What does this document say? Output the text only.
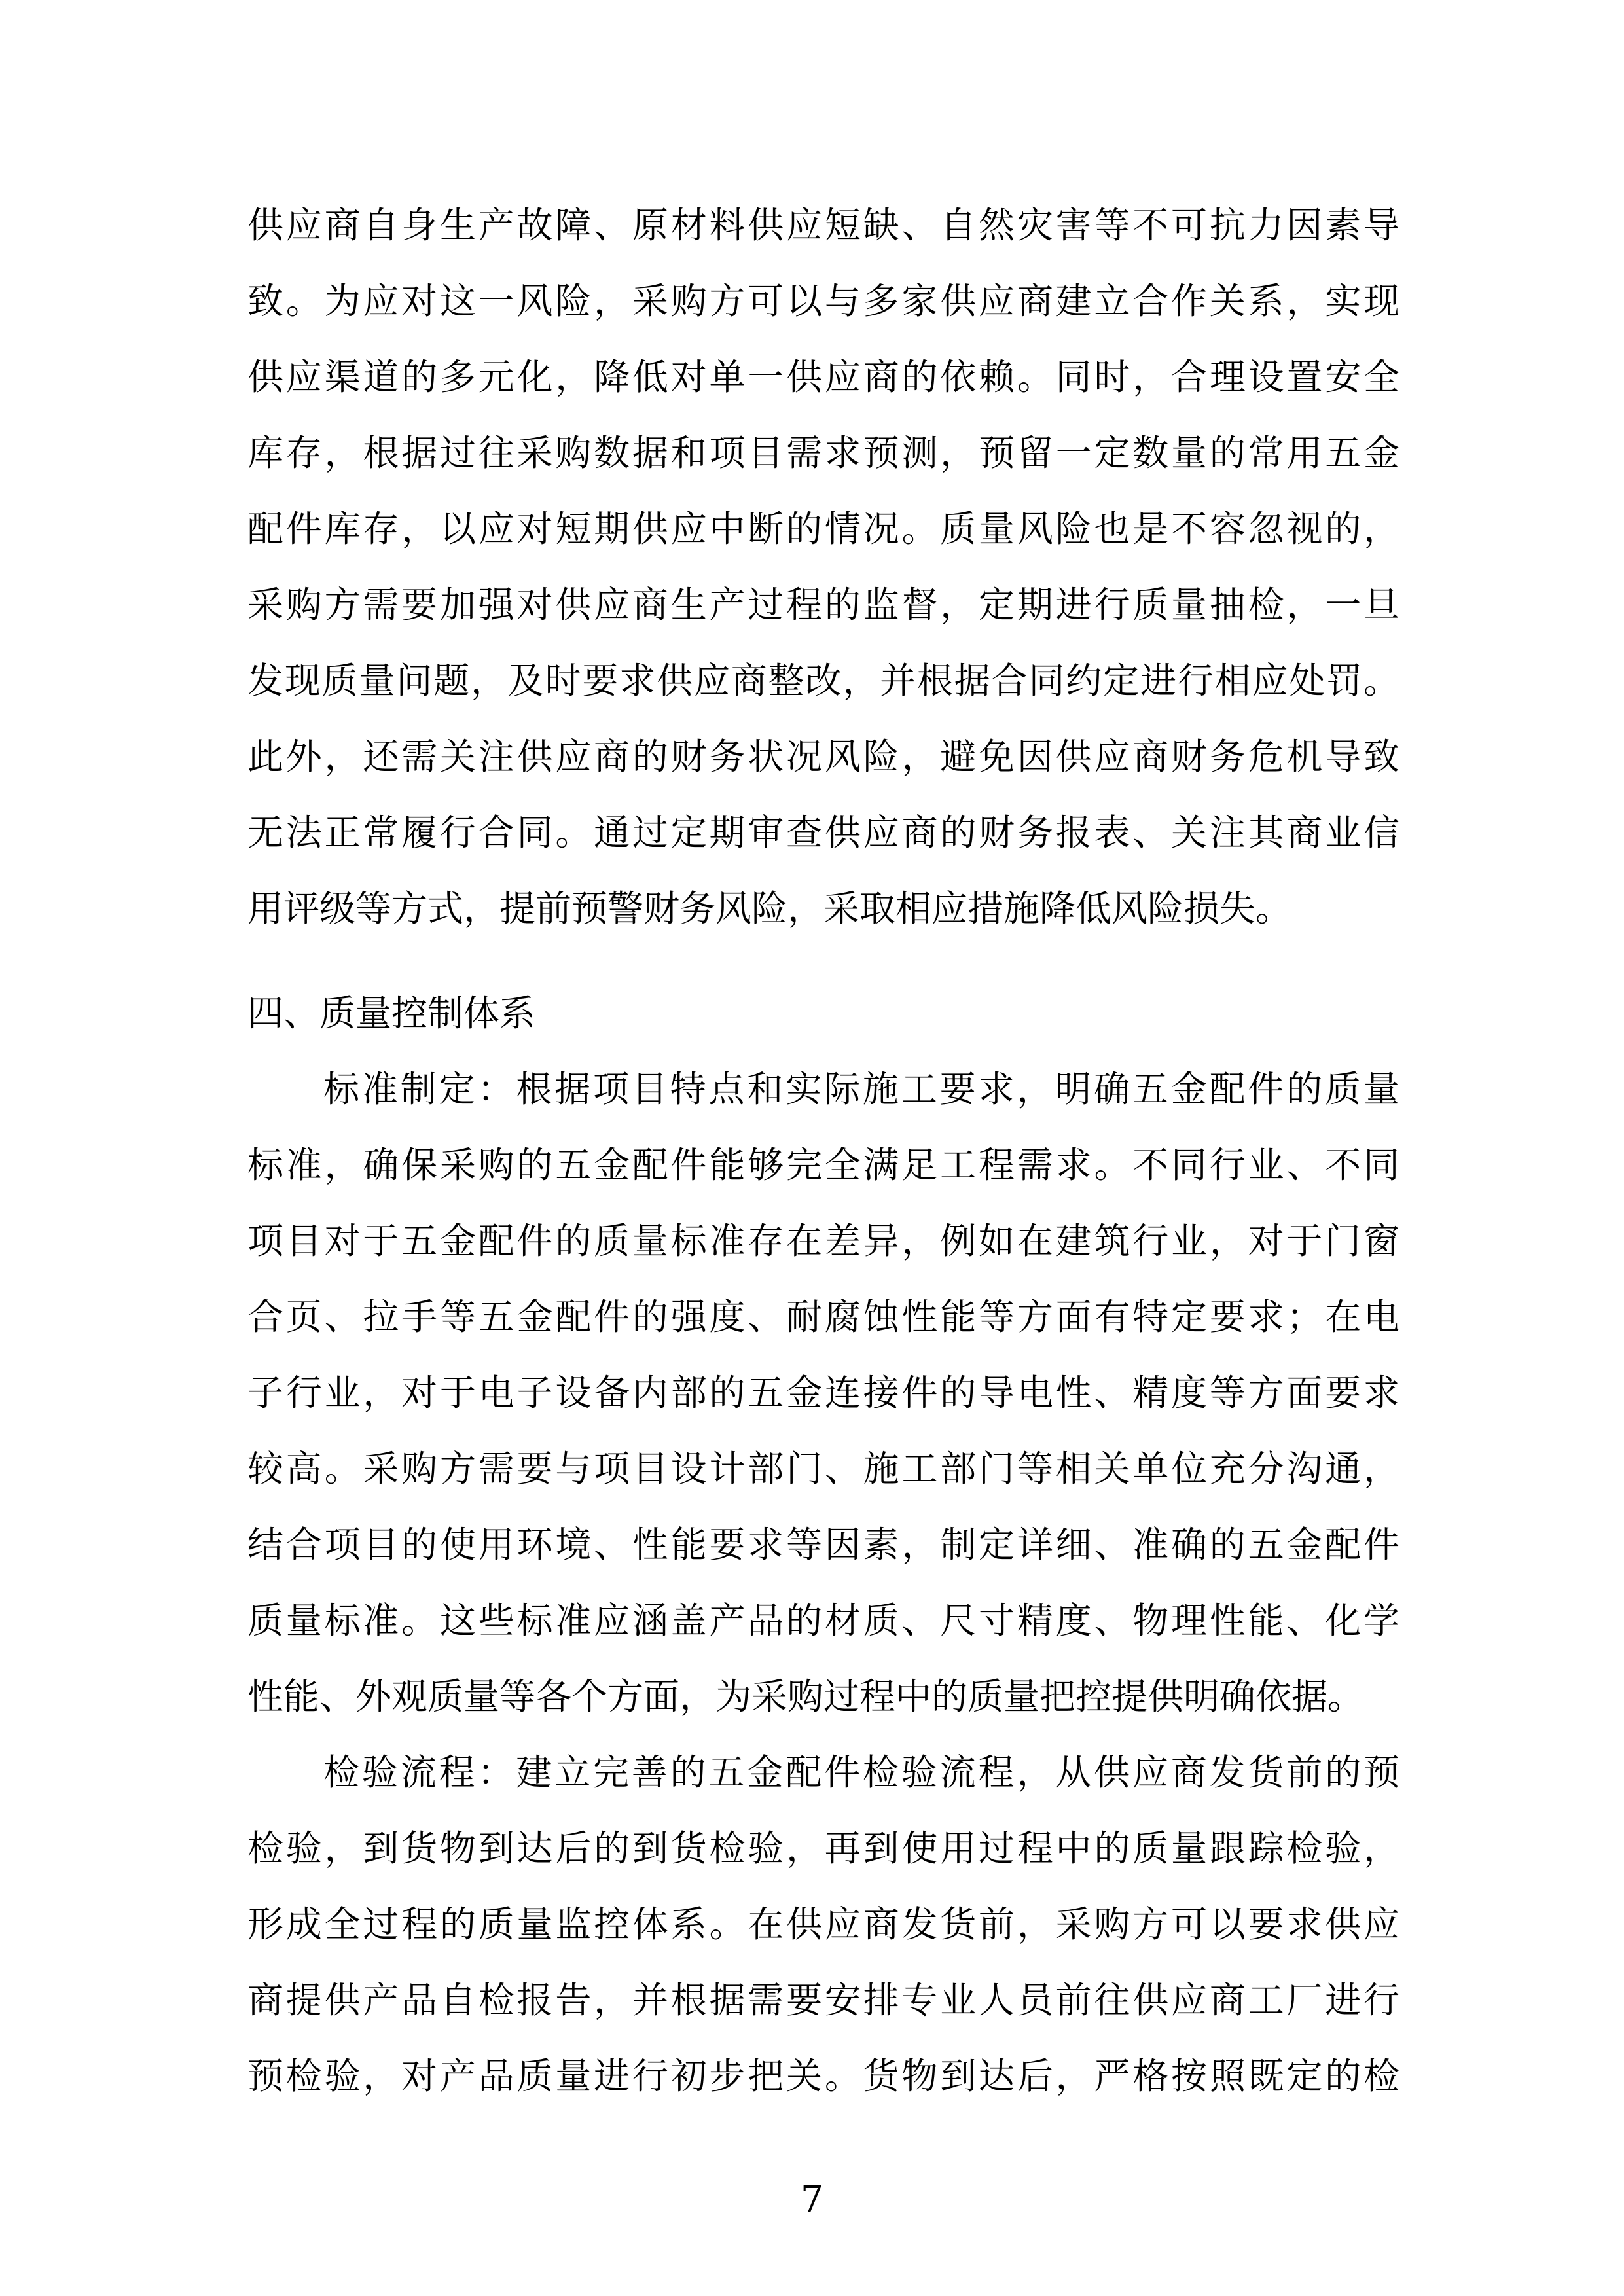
供应商自身生产故障、原材料供应短缺、自然灾害等不可抗力因素导
致。为应对这一风险，采购方可以与多家供应商建立合作关系，实现
供应渠道的多元化，降低对单一供应商的依赖。同时，合理设置安全
库存，根据过往采购数据和项目需求预测，预留一定数量的常用五金
配件库存，以应对短期供应中断的情况。质量风险也是不容忽视的，
采购方需要加强对供应商生产过程的监督，定期进行质量抽检，一旦
发现质量问题，及时要求供应商整改，并根据合同约定进行相应处罚。
此外，还需关注供应商的财务状况风险，避免因供应商财务危机导致
无法正常履行合同。通过定期审查供应商的财务报表、关注其商业信
用评级等方式，提前预警财务风险，采取相应措施降低风险损失。
四、质量控制体系
标准制定：根据项目特点和实际施工要求，明确五金配件的质量
标准，确保采购的五金配件能够完全满足工程需求。不同行业、不同
项目对于五金配件的质量标准存在差异，例如在建筑行业，对于门窗
合页、拉手等五金配件的强度、耐腐蚀性能等方面有特定要求；在电
子行业，对于电子设备内部的五金连接件的导电性、精度等方面要求
较高。采购方需要与项目设计部门、施工部门等相关单位充分沟通，
结合项目的使用环境、性能要求等因素，制定详细、准确的五金配件
质量标准。这些标准应涵盖产品的材质、尺寸精度、物理性能、化学
性能、外观质量等各个方面，为采购过程中的质量把控提供明确依据。
检验流程：建立完善的五金配件检验流程，从供应商发货前的预
检验，到货物到达后的到货检验，再到使用过程中的质量跟踪检验，
形成全过程的质量监控体系。在供应商发货前，采购方可以要求供应
商提供产品自检报告，并根据需要安排专业人员前往供应商工厂进行
预检验，对产品质量进行初步把关。货物到达后，严格按照既定的检
7
